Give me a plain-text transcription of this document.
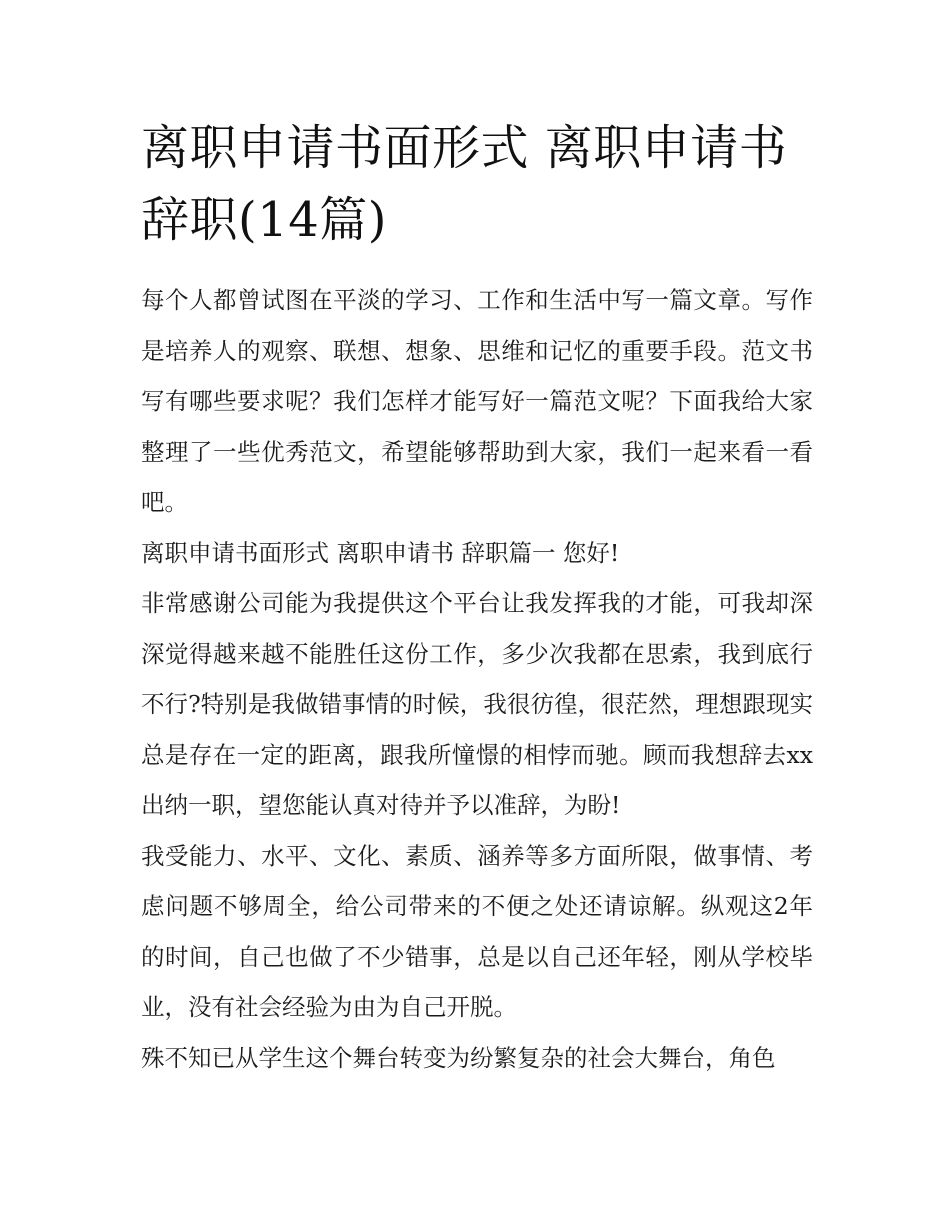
离职申请书面形式 离职申请书 辞职(14篇)

每个人都曾试图在平淡的学习、工作和生活中写一篇文章。写作是培养人的观察、联想、想象、思维和记忆的重要手段。范文书写有哪些要求呢？我们怎样才能写好一篇范文呢？下面我给大家整理了一些优秀范文，希望能够帮助到大家，我们一起来看一看吧。

离职申请书面形式 离职申请书 辞职篇一 您好!

非常感谢公司能为我提供这个平台让我发挥我的才能，可我却深深觉得越来越不能胜任这份工作，多少次我都在思索，我到底行不行?特别是我做错事情的时候，我很彷徨，很茫然，理想跟现实总是存在一定的距离，跟我所憧憬的相悖而驰。顾而我想辞去xx出纳一职，望您能认真对待并予以准辞，为盼!

我受能力、水平、文化、素质、涵养等多方面所限，做事情、考虑问题不够周全，给公司带来的不便之处还请谅解。纵观这2年的时间，自己也做了不少错事，总是以自己还年轻，刚从学校毕业，没有社会经验为由为自己开脱。

殊不知已从学生这个舞台转变为纷繁复杂的社会大舞台，角色
